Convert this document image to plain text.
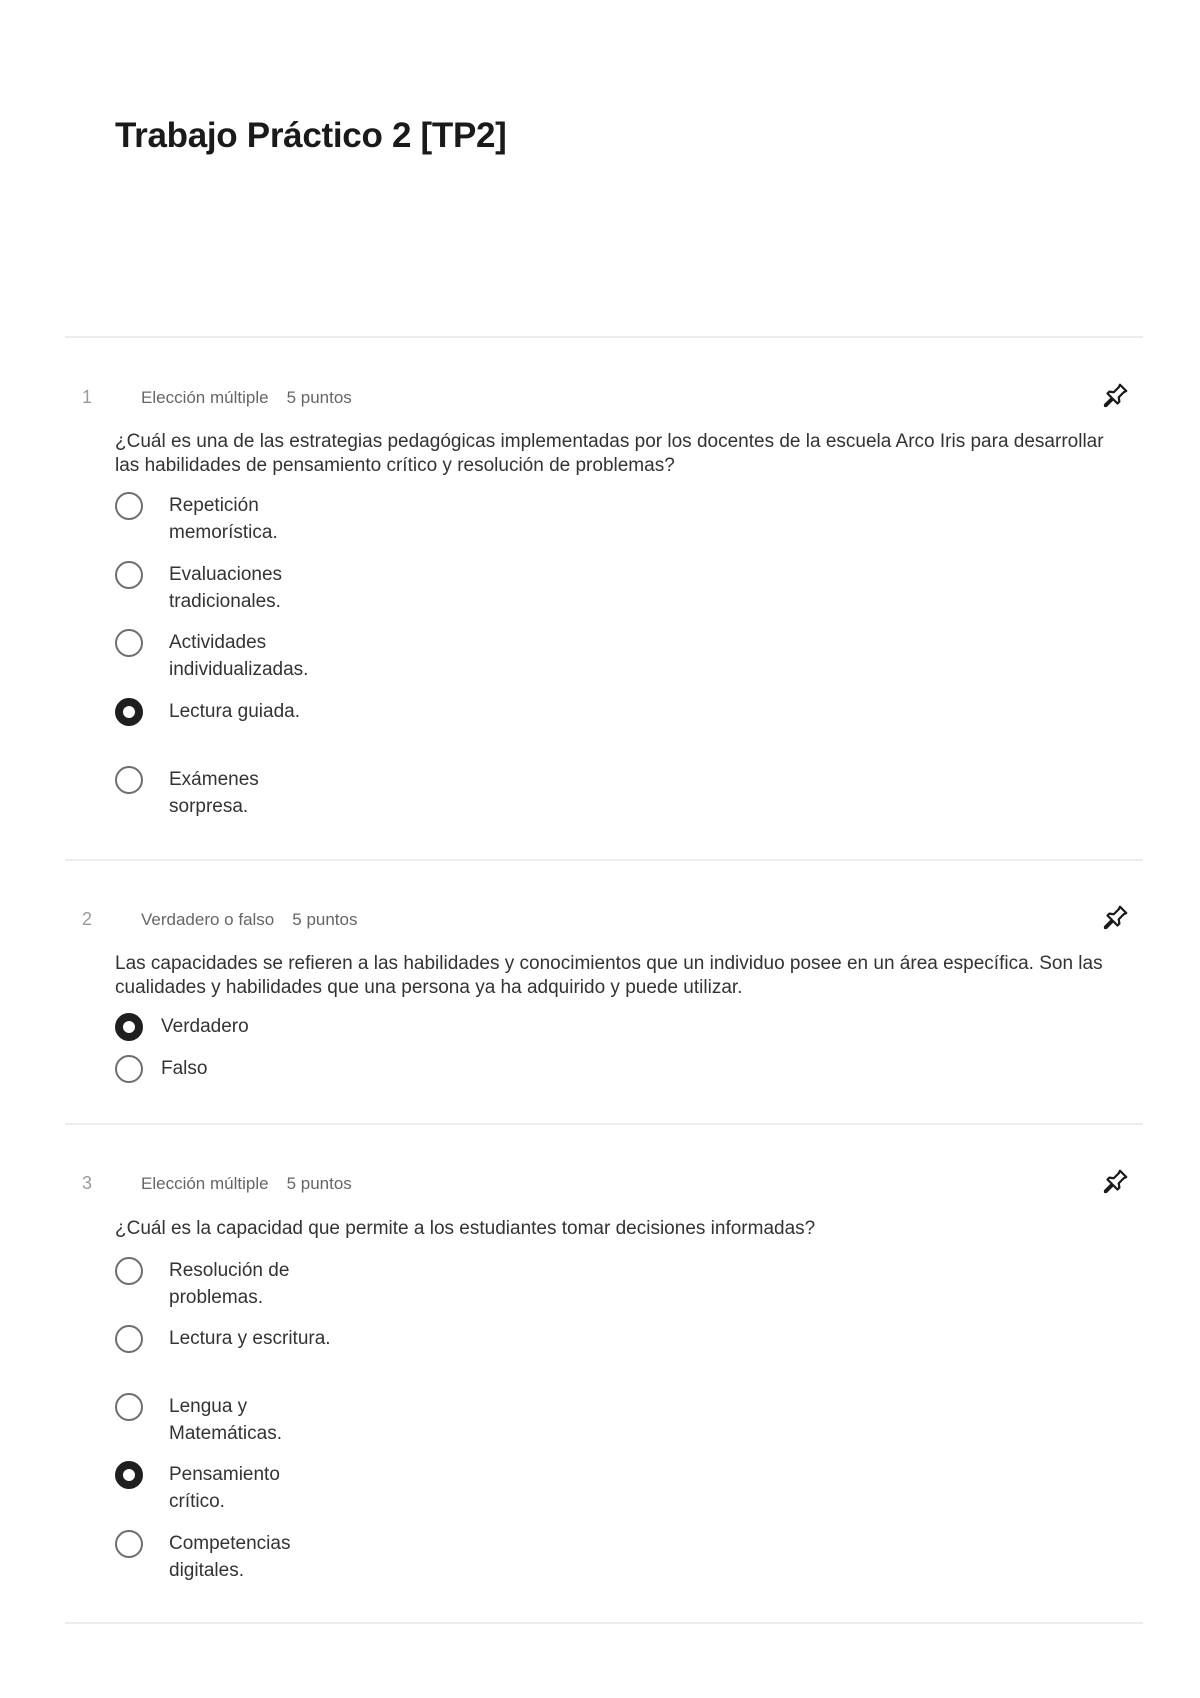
Trabajo Práctico 2 [TP2]
1	Elección múltiple 5 puntos
¿Cuál es una de las estrategias pedagógicas implementadas por los docentes de la escuela Arco Iris para desarrollar las habilidades de pensamiento crítico y resolución de problemas?
Repetición memorística.
Evaluaciones tradicionales.
Actividades individualizadas.
Lectura guiada.
Exámenes sorpresa.
2	Verdadero o falso 5 puntos
Las capacidades se refieren a las habilidades y conocimientos que un individuo posee en un área específica. Son las cualidades y habilidades que una persona ya ha adquirido y puede utilizar.
Verdadero
Falso
3	Elección múltiple 5 puntos
¿Cuál es la capacidad que permite a los estudiantes tomar decisiones informadas?
Resolución de problemas.
Lectura y escritura.
Lengua y Matemáticas.
Pensamiento crítico.
Competencias digitales.
